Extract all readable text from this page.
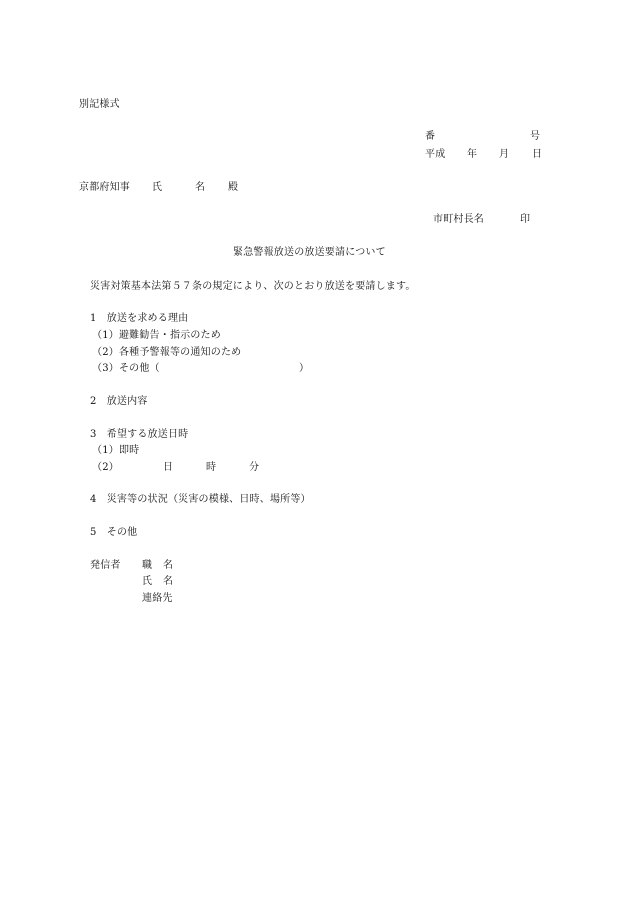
別記様式
番	号
平成 年 月 日
京都府知事 氏	名 殿
市町村長名	印
緊急警報放送の放送要請について
災害対策基本法第５７条の規定により、次のとおり放送を要請します。
1　放送を求める理由
（1）避難勧告・指示のため
（2）各種予警報等の通知のため
（3）その他（	）
2　放送内容
3　希望する放送日時
（1）即時
（2）	日	時	分
4　災害等の状況（災害の模様、日時、場所等）
5　その他
発信者 職 名
氏 名
連絡先
